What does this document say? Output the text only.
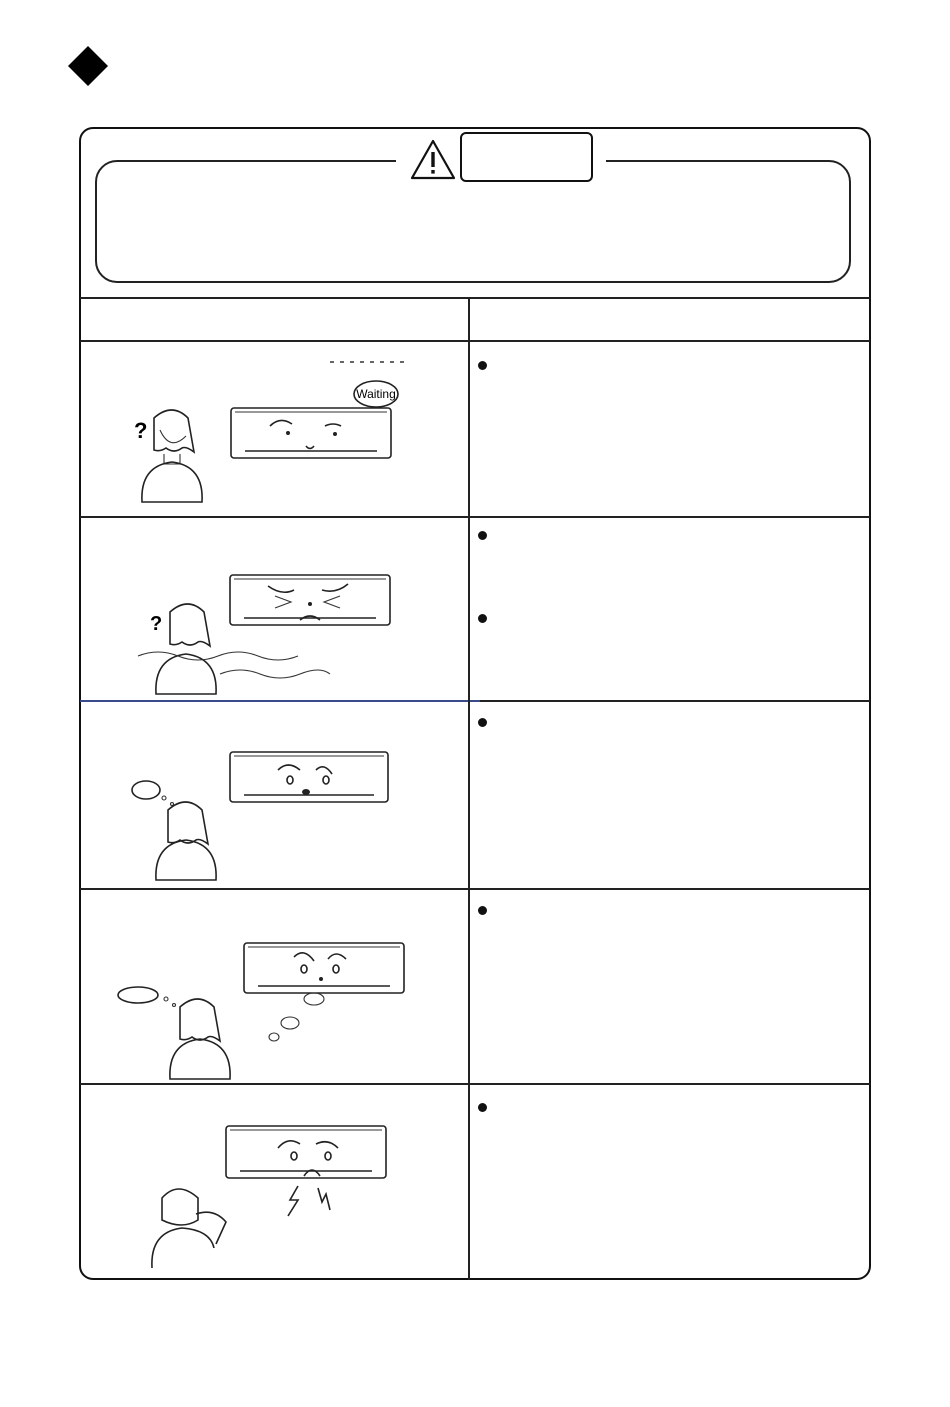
Waiting
?
?
